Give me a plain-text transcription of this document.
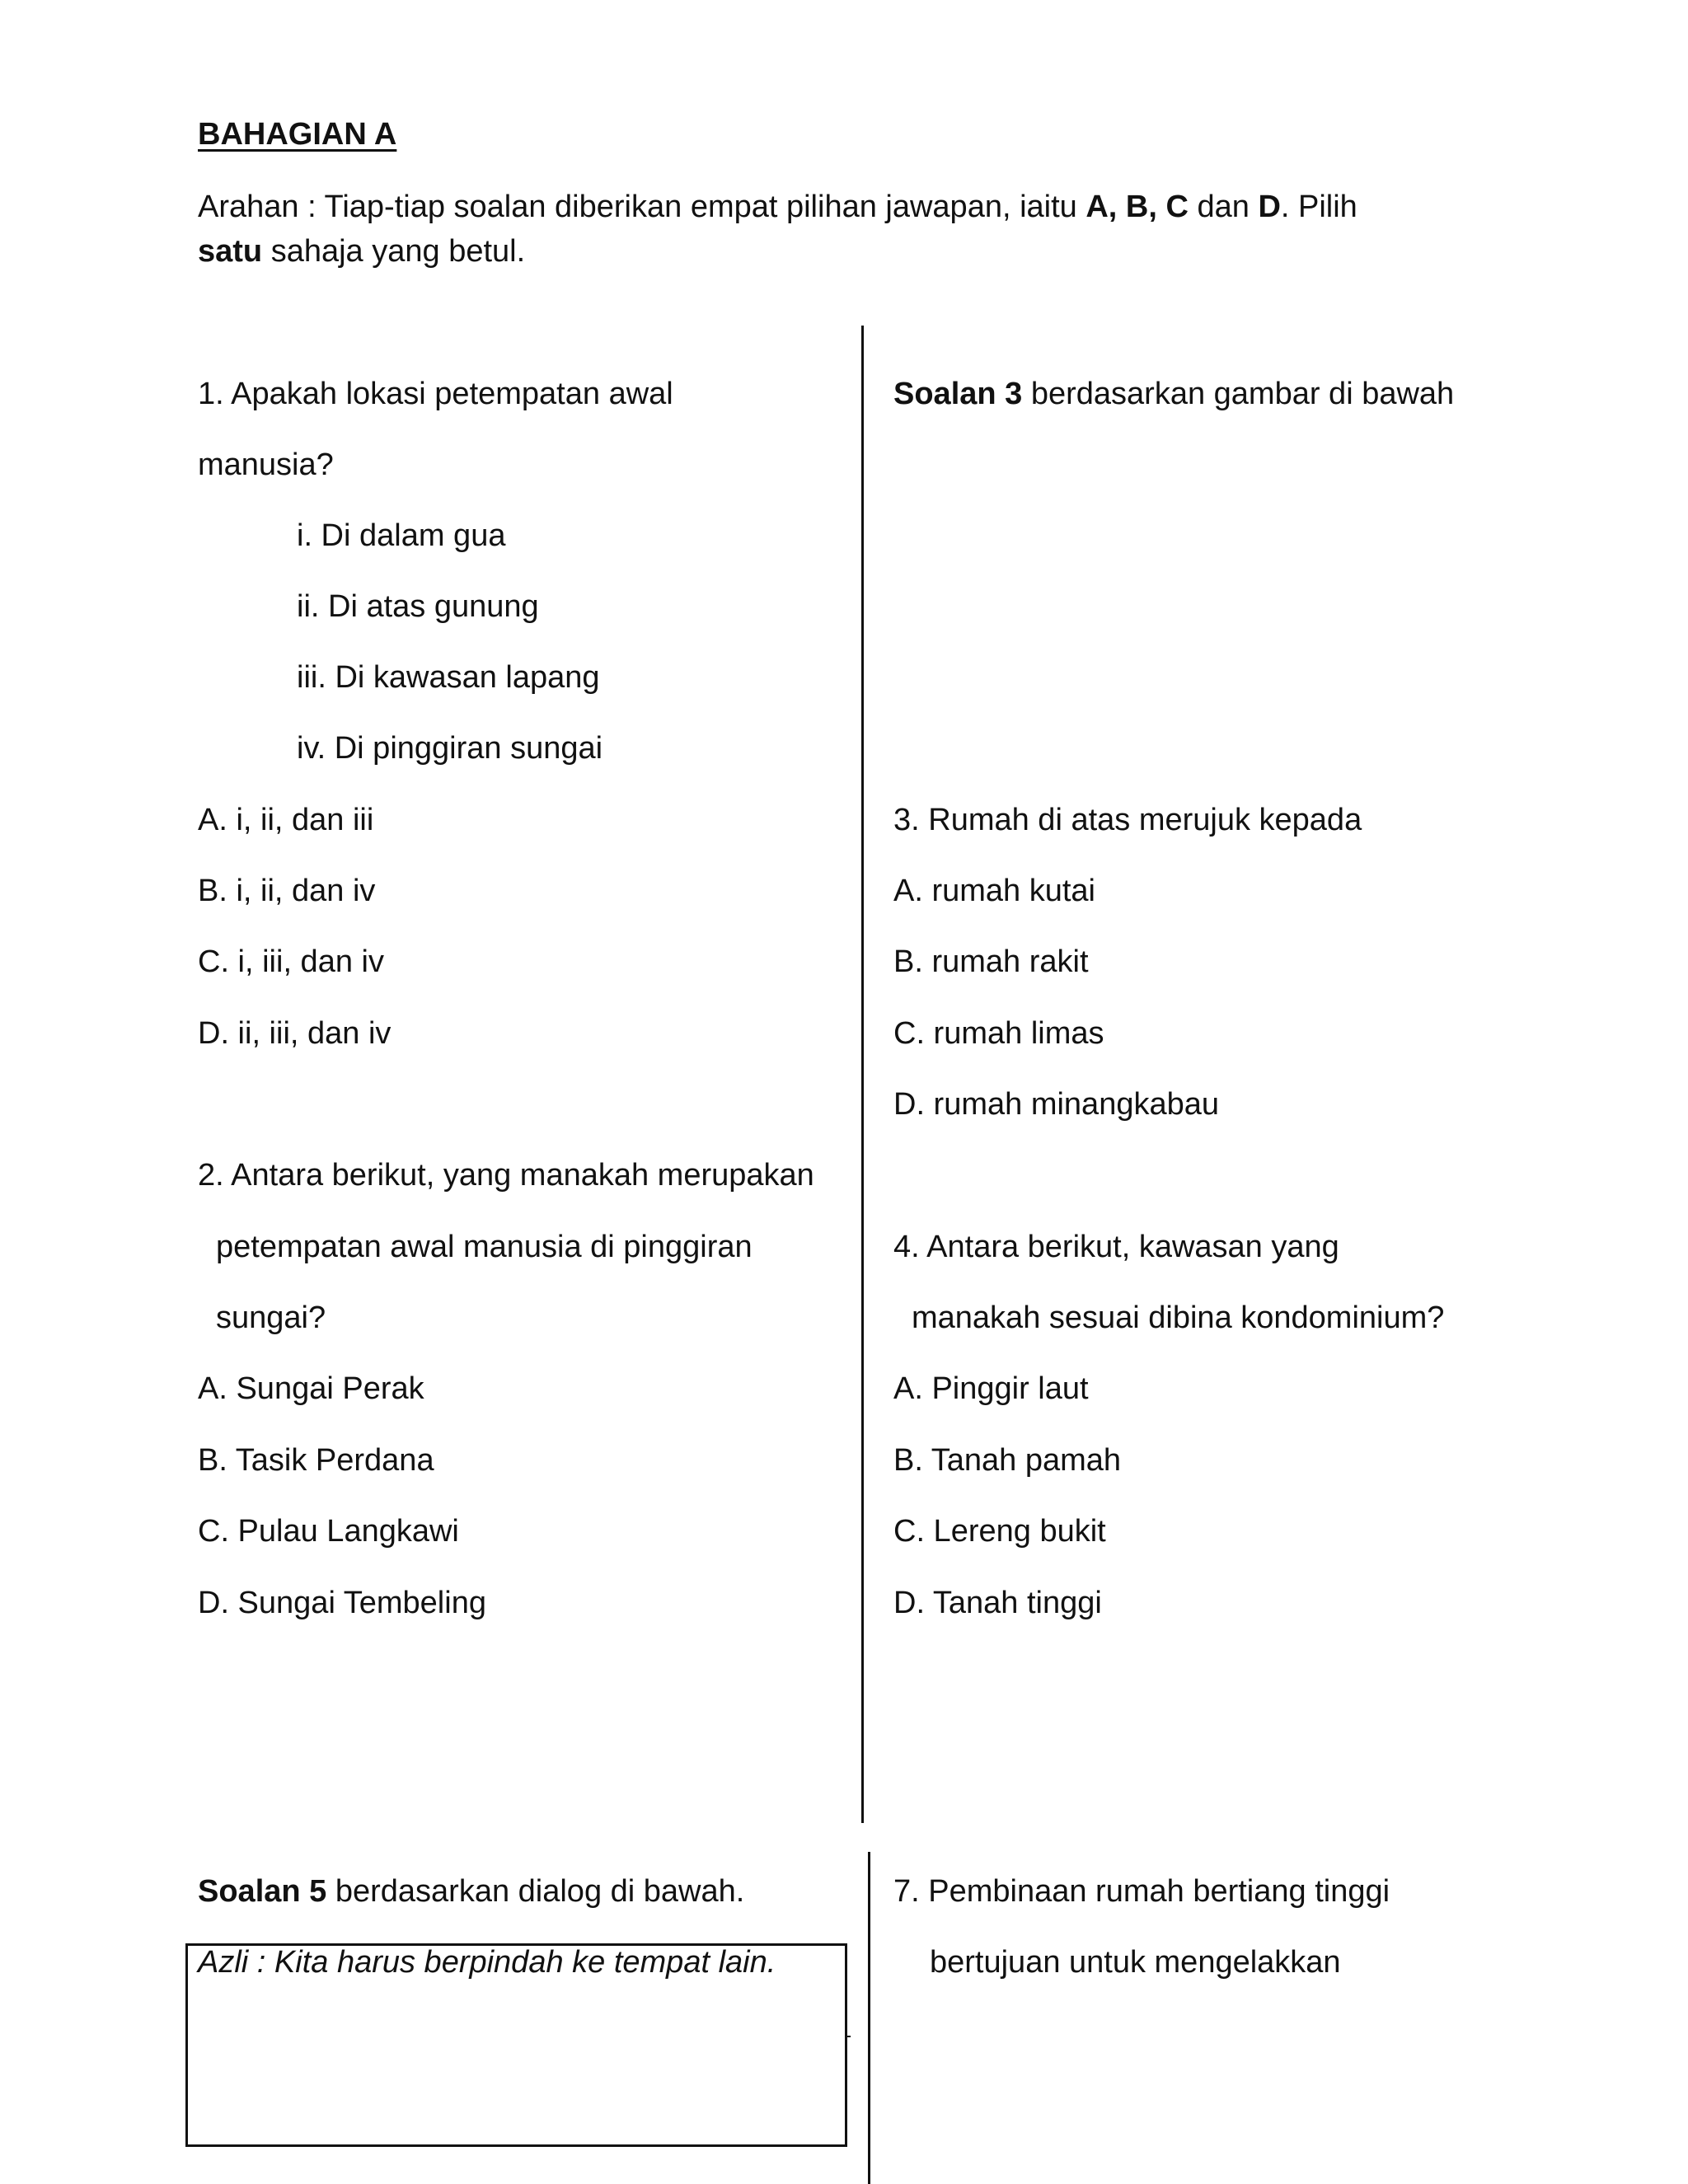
BAHAGIAN A
Arahan : Tiap-tiap soalan diberikan empat pilihan jawapan, iaitu A, B, C dan D. Pilih
satu sahaja yang betul.
1. Apakah lokasi petempatan awal
manusia?
i. Di dalam gua
ii. Di atas gunung
iii. Di kawasan lapang
iv. Di pinggiran sungai
A. i, ii, dan iii
B. i, ii, dan iv
C. i, iii, dan iv
D. ii, iii, dan iv
2. Antara berikut, yang manakah merupakan
petempatan awal manusia di pinggiran
sungai?
A. Sungai Perak
B. Tasik Perdana
C. Pulau Langkawi
D. Sungai Tembeling
Soalan 3 berdasarkan gambar di bawah
3. Rumah di atas merujuk kepada
A. rumah kutai
B. rumah rakit
C. rumah limas
D. rumah minangkabau
4. Antara berikut, kawasan yang
manakah sesuai dibina kondominium?
A. Pinggir laut
B. Tanah pamah
C. Lereng bukit
D. Tanah tinggi
Soalan 5 berdasarkan dialog di bawah.
Azli : Kita harus berpindah ke tempat lain.
7. Pembinaan rumah bertiang tinggi
bertujuan untuk mengelakkan
